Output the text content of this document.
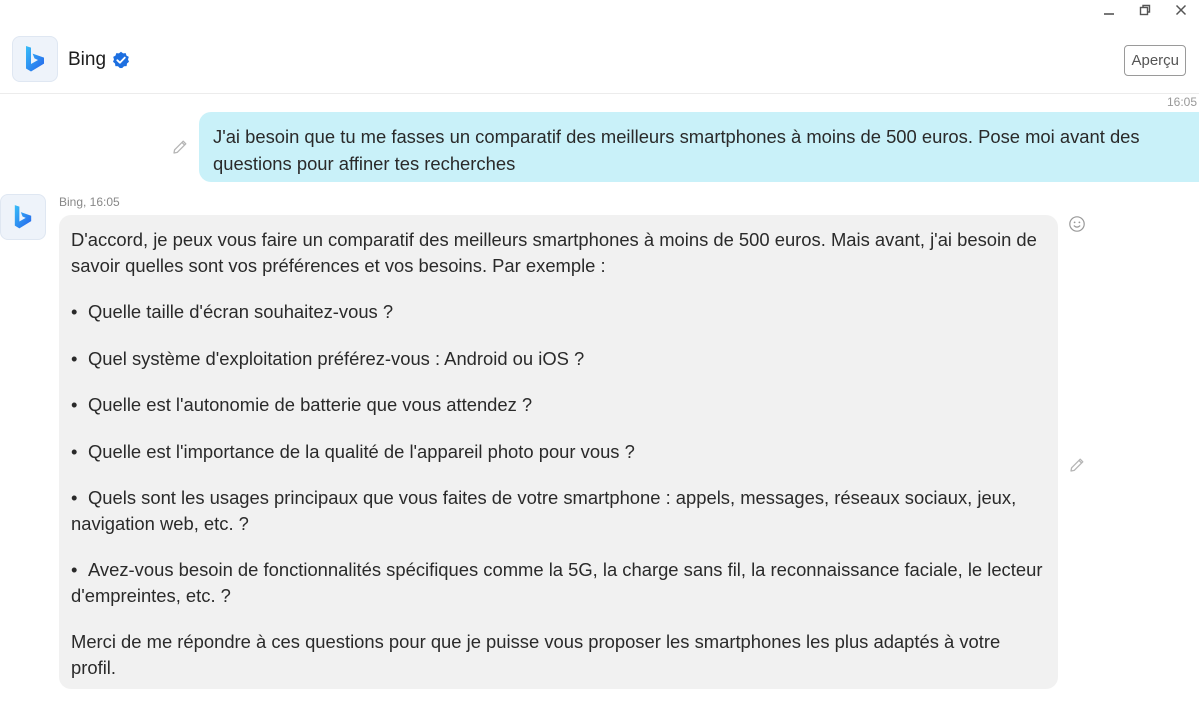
Bing	Aperçu
16:05
J'ai besoin que tu me fasses un comparatif des meilleurs smartphones à moins de 500 euros. Pose moi avant des questions pour affiner tes recherches
Bing, 16:05

D'accord, je peux vous faire un comparatif des meilleurs smartphones à moins de 500 euros. Mais avant, j'ai besoin de savoir quelles sont vos préférences et vos besoins. Par exemple :

• Quelle taille d'écran souhaitez-vous ?

• Quel système d'exploitation préférez-vous : Android ou iOS ?

• Quelle est l'autonomie de batterie que vous attendez ?

• Quelle est l'importance de la qualité de l'appareil photo pour vous ?

• Quels sont les usages principaux que vous faites de votre smartphone : appels, messages, réseaux sociaux, jeux, navigation web, etc. ?

• Avez-vous besoin de fonctionnalités spécifiques comme la 5G, la charge sans fil, la reconnaissance faciale, le lecteur d'empreintes, etc. ?

Merci de me répondre à ces questions pour que je puisse vous proposer les smartphones les plus adaptés à votre profil.
